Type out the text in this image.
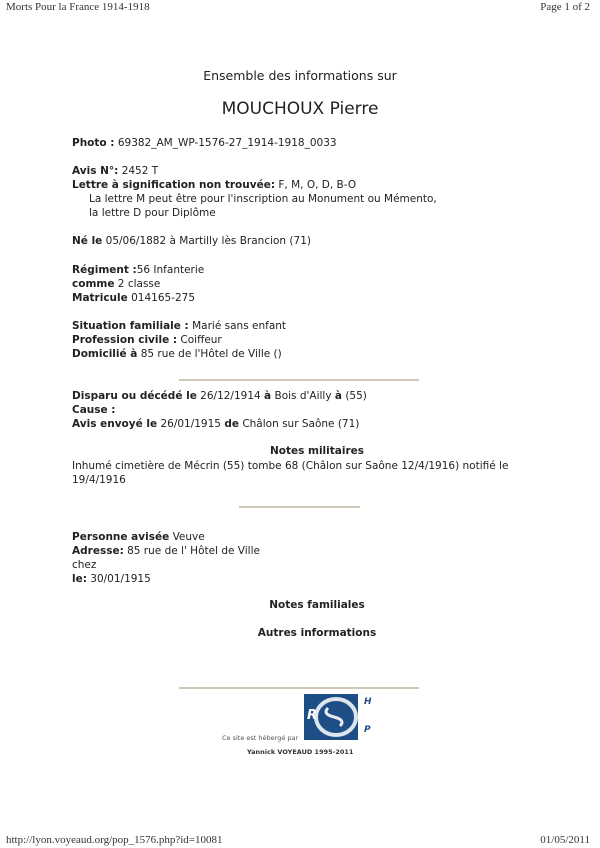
Morts Pour la France 1914-1918	Page 1 of 2
http://lyon.voyeaud.org/pop_1576.php?id=10081	01/05/2011
Ensemble des informations sur
MOUCHOUX Pierre
Photo : 69382_AM_WP-1576-27_1914-1918_0033
Avis N°: 2452 T
Lettre à signification non trouvée: F, M, O, D, B-O
La lettre M peut être pour l'inscription au Monument ou Mémento,
la lettre D pour Diplôme
Né le 05/06/1882 à Martilly lès Brancion (71)
Régiment :56 Infanterie
comme 2 classe
Matricule 014165-275
Situation familiale : Marié sans enfant
Profession civile : Coiffeur
Domicilié à 85 rue de l'Hôtel de Ville ()
Disparu ou décédé le 26/12/1914 à Bois d'Ailly à (55)
Cause :
Avis envoyé le 26/01/1915 de Châlon sur Saône (71)
Notes militaires
Inhumé cimetière de Mécrin (55) tombe 68 (Châlon sur Saône 12/4/1916) notifié le
19/4/1916
Personne avisée Veuve
Adresse: 85 rue de l' Hôtel de Ville
chez
le: 30/01/1915
Notes familiales
Autres informations
Ce site est hébergé par
R
H
P
Yannick VOYEAUD 1995-2011
